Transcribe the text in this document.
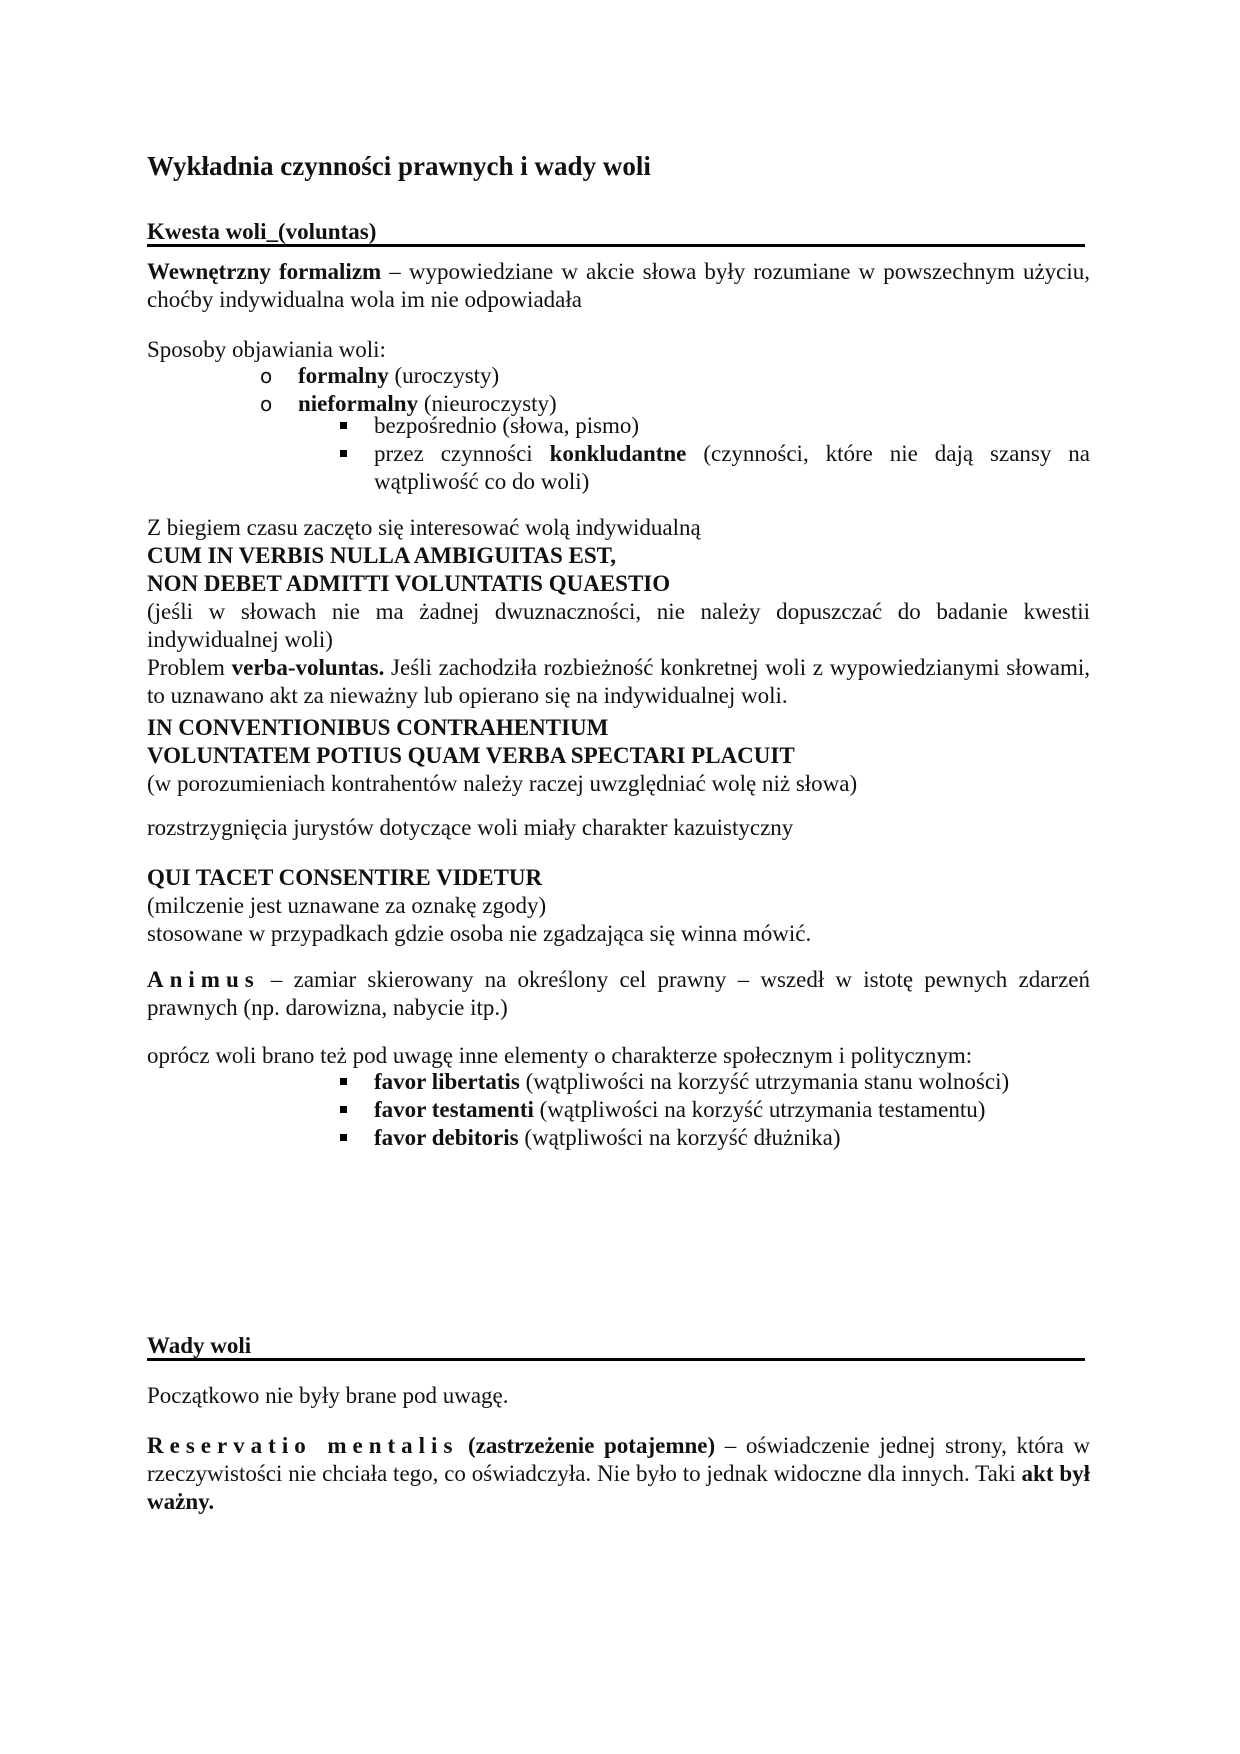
Wykładnia czynności prawnych i wady woli
Kwesta woli_(voluntas)

Wewnętrzny formalizm – wypowiedziane w akcie słowa były rozumiane w powszechnym użyciu, choćby indywidualna wola im nie odpowiadała

Sposoby objawiania woli:
o formalny (uroczysty)
o nieformalny (nieuroczysty)
bezpośrednio (słowa, pismo)
przez czynności konkludantne (czynności, które nie dają szansy na wątpliwość co do woli)

Z biegiem czasu zaczęto się interesować wolą indywidualną

CUM IN VERBIS NULLA AMBIGUITAS EST,

NON DEBET ADMITTI VOLUNTATIS QUAESTIO

(jeśli w słowach nie ma żadnej dwuznaczności, nie należy dopuszczać do badanie kwestii indywidualnej woli)

Problem verba-voluntas. Jeśli zachodziła rozbieżność konkretnej woli z wypowiedzianymi słowami, to uznawano akt za nieważny lub opierano się na indywidualnej woli.

IN CONVENTIONIBUS CONTRAHENTIUM

VOLUNTATEM POTIUS QUAM VERBA SPECTARI PLACUIT

(w porozumieniach kontrahentów należy raczej uwzględniać wolę niż słowa)

rozstrzygnięcia jurystów dotyczące woli miały charakter kazuistyczny

QUI TACET CONSENTIRE VIDETUR

(milczenie jest uznawane za oznakę zgody)

stosowane w przypadkach gdzie osoba nie zgadzająca się winna mówić.

Animus – zamiar skierowany na określony cel prawny – wszedł w istotę pewnych zdarzeń prawnych (np. darowizna, nabycie itp.)

oprócz woli brano też pod uwagę inne elementy o charakterze społecznym i politycznym:
favor libertatis (wątpliwości na korzyść utrzymania stanu wolności)
favor testamenti (wątpliwości na korzyść utrzymania testamentu)
favor debitoris (wątpliwości na korzyść dłużnika)
Wady woli
Początkowo nie były brane pod uwagę.

Reservatio mentalis (zastrzeżenie potajemne) – oświadczenie jednej strony, która w rzeczywistości nie chciała tego, co oświadczyła. Nie było to jednak widoczne dla innych. Taki akt był ważny.
